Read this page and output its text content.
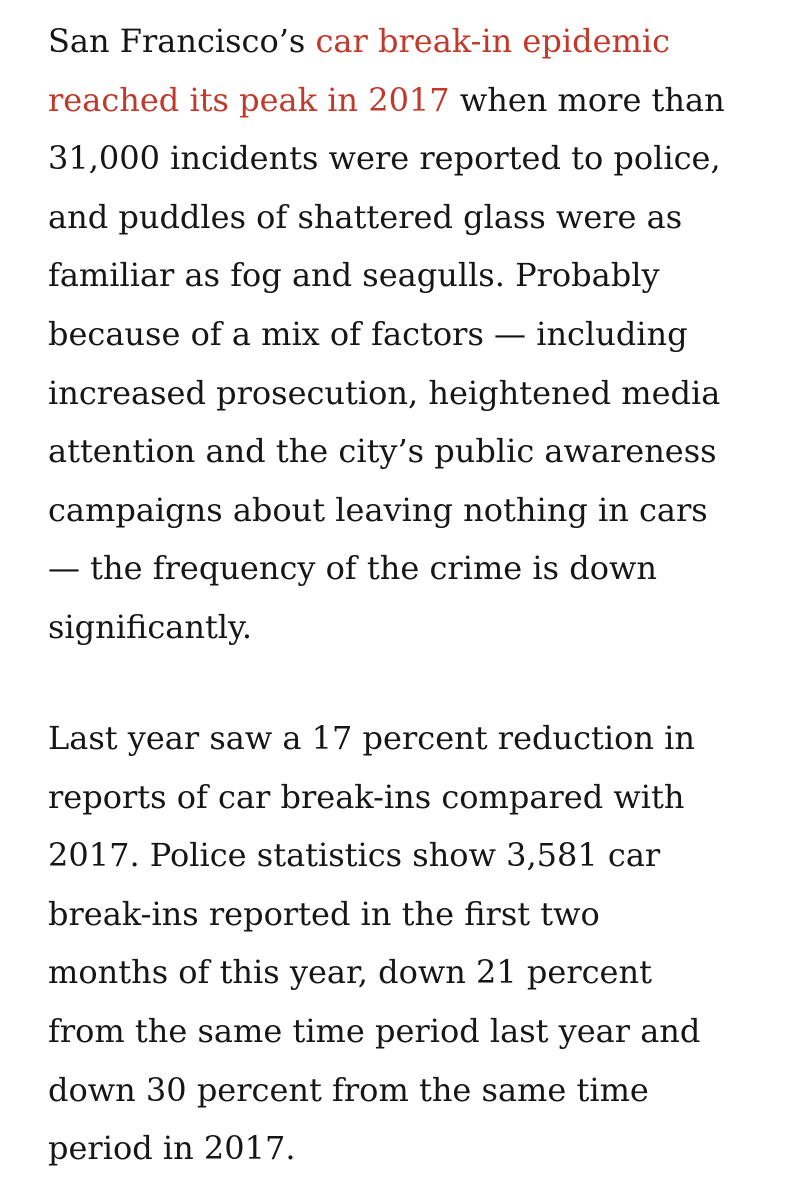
San Francisco’s car break-in epidemic
reached its peak in 2017 when more than
31,000 incidents were reported to police,
and puddles of shattered glass were as
familiar as fog and seagulls. Probably
because of a mix of factors — including
increased prosecution, heightened media
attention and the city’s public awareness
campaigns about leaving nothing in cars
— the frequency of the crime is down
significantly.

Last year saw a 17 percent reduction in
reports of car break-ins compared with
2017. Police statistics show 3,581 car
break-ins reported in the first two
months of this year, down 21 percent
from the same time period last year and
down 30 percent from the same time
period in 2017.
